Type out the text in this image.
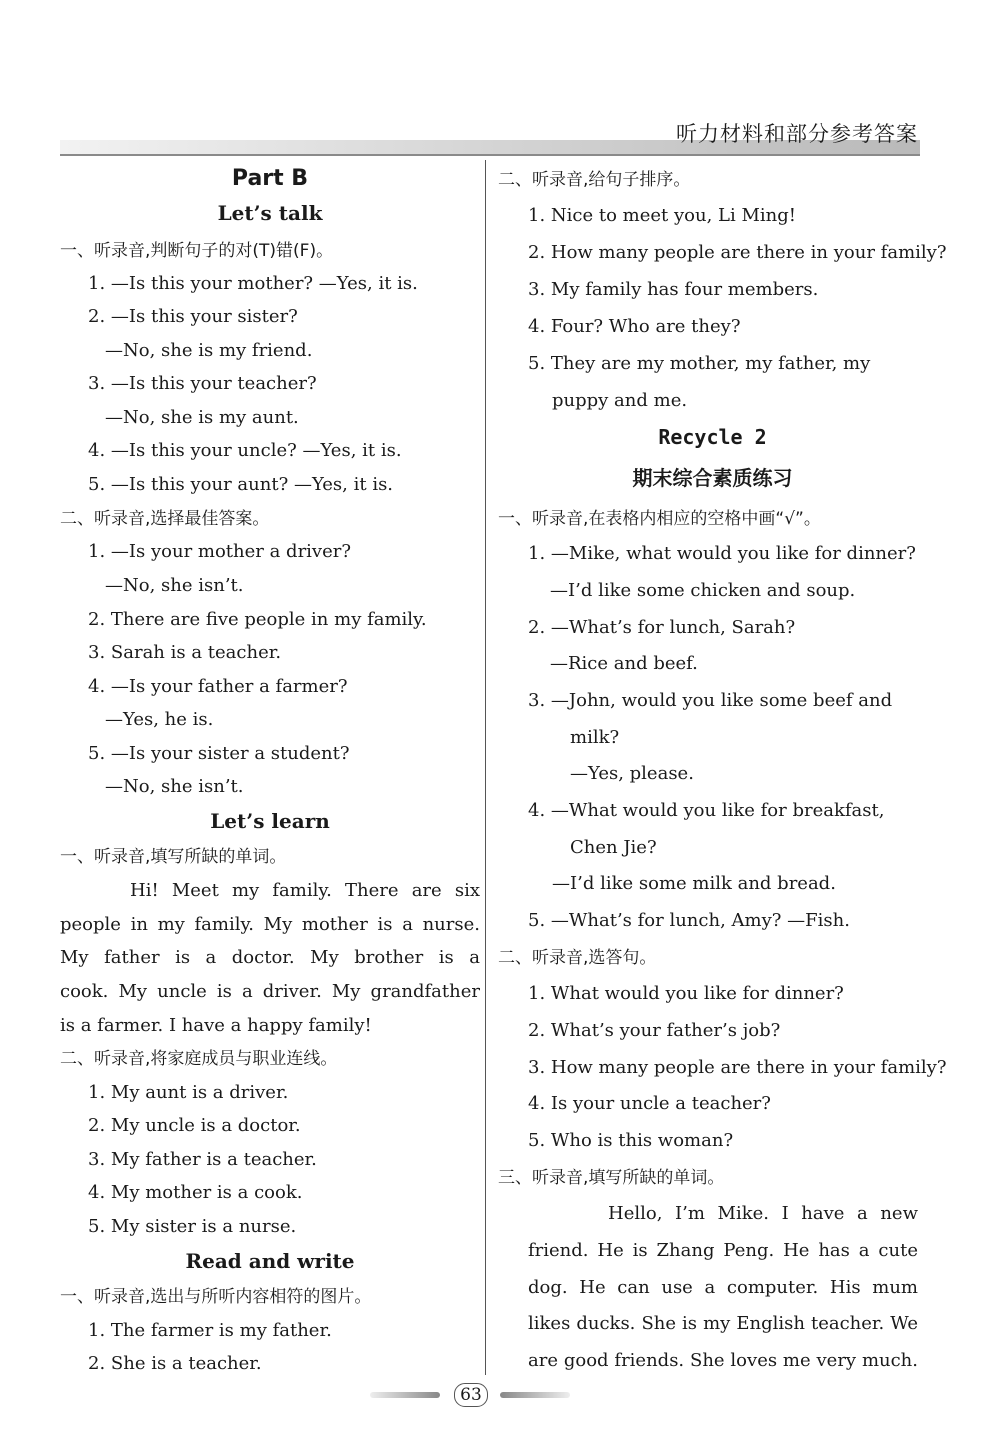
听力材料和部分参考答案
Part B
Let’s talk
一、听录音,判断句子的对(T)错(F)。
1. —Is this your mother? —Yes, it is.
2. —Is this your sister?
—No, she is my friend.
3. —Is this your teacher?
—No, she is my aunt.
4. —Is this your uncle? —Yes, it is.
5. —Is this your aunt? —Yes, it is.
二、听录音,选择最佳答案。
1. —Is your mother a driver?
—No, she isn’t.
2. There are five people in my family.
3. Sarah is a teacher.
4. —Is your father a farmer?
—Yes, he is.
5. —Is your sister a student?
—No, she isn’t.
Let’s learn
一、听录音,填写所缺的单词。
Hi! Meet my family. There are six
people in my family. My mother is a nurse.
My father is a doctor. My brother is a
cook. My uncle is a driver. My grandfather
is a farmer. I have a happy family!
二、听录音,将家庭成员与职业连线。
1. My aunt is a driver.
2. My uncle is a doctor.
3. My father is a teacher.
4. My mother is a cook.
5. My sister is a nurse.
Read and write
一、听录音,选出与所听内容相符的图片。
1. The farmer is my father.
2. She is a teacher.
二、听录音,给句子排序。
1. Nice to meet you, Li Ming!
2. How many people are there in your family?
3. My family has four members.
4. Four? Who are they?
5. They are my mother, my father, my
puppy and me.
Recycle 2
期末综合素质练习
一、听录音,在表格内相应的空格中画“√”。
1. —Mike, what would you like for dinner?
—I’d like some chicken and soup.
2. —What’s for lunch, Sarah?
—Rice and beef.
3. —John, would you like some beef and
milk?
—Yes, please.
4. —What would you like for breakfast,
Chen Jie?
—I’d like some milk and bread.
5. —What’s for lunch, Amy? —Fish.
二、听录音,选答句。
1. What would you like for dinner?
2. What’s your father’s job?
3. How many people are there in your family?
4. Is your uncle a teacher?
5. Who is this woman?
三、听录音,填写所缺的单词。
Hello, I’m Mike. I have a new
friend. He is Zhang Peng. He has a cute
dog. He can use a computer. His mum
likes ducks. She is my English teacher. We
are good friends. She loves me very much.
63
